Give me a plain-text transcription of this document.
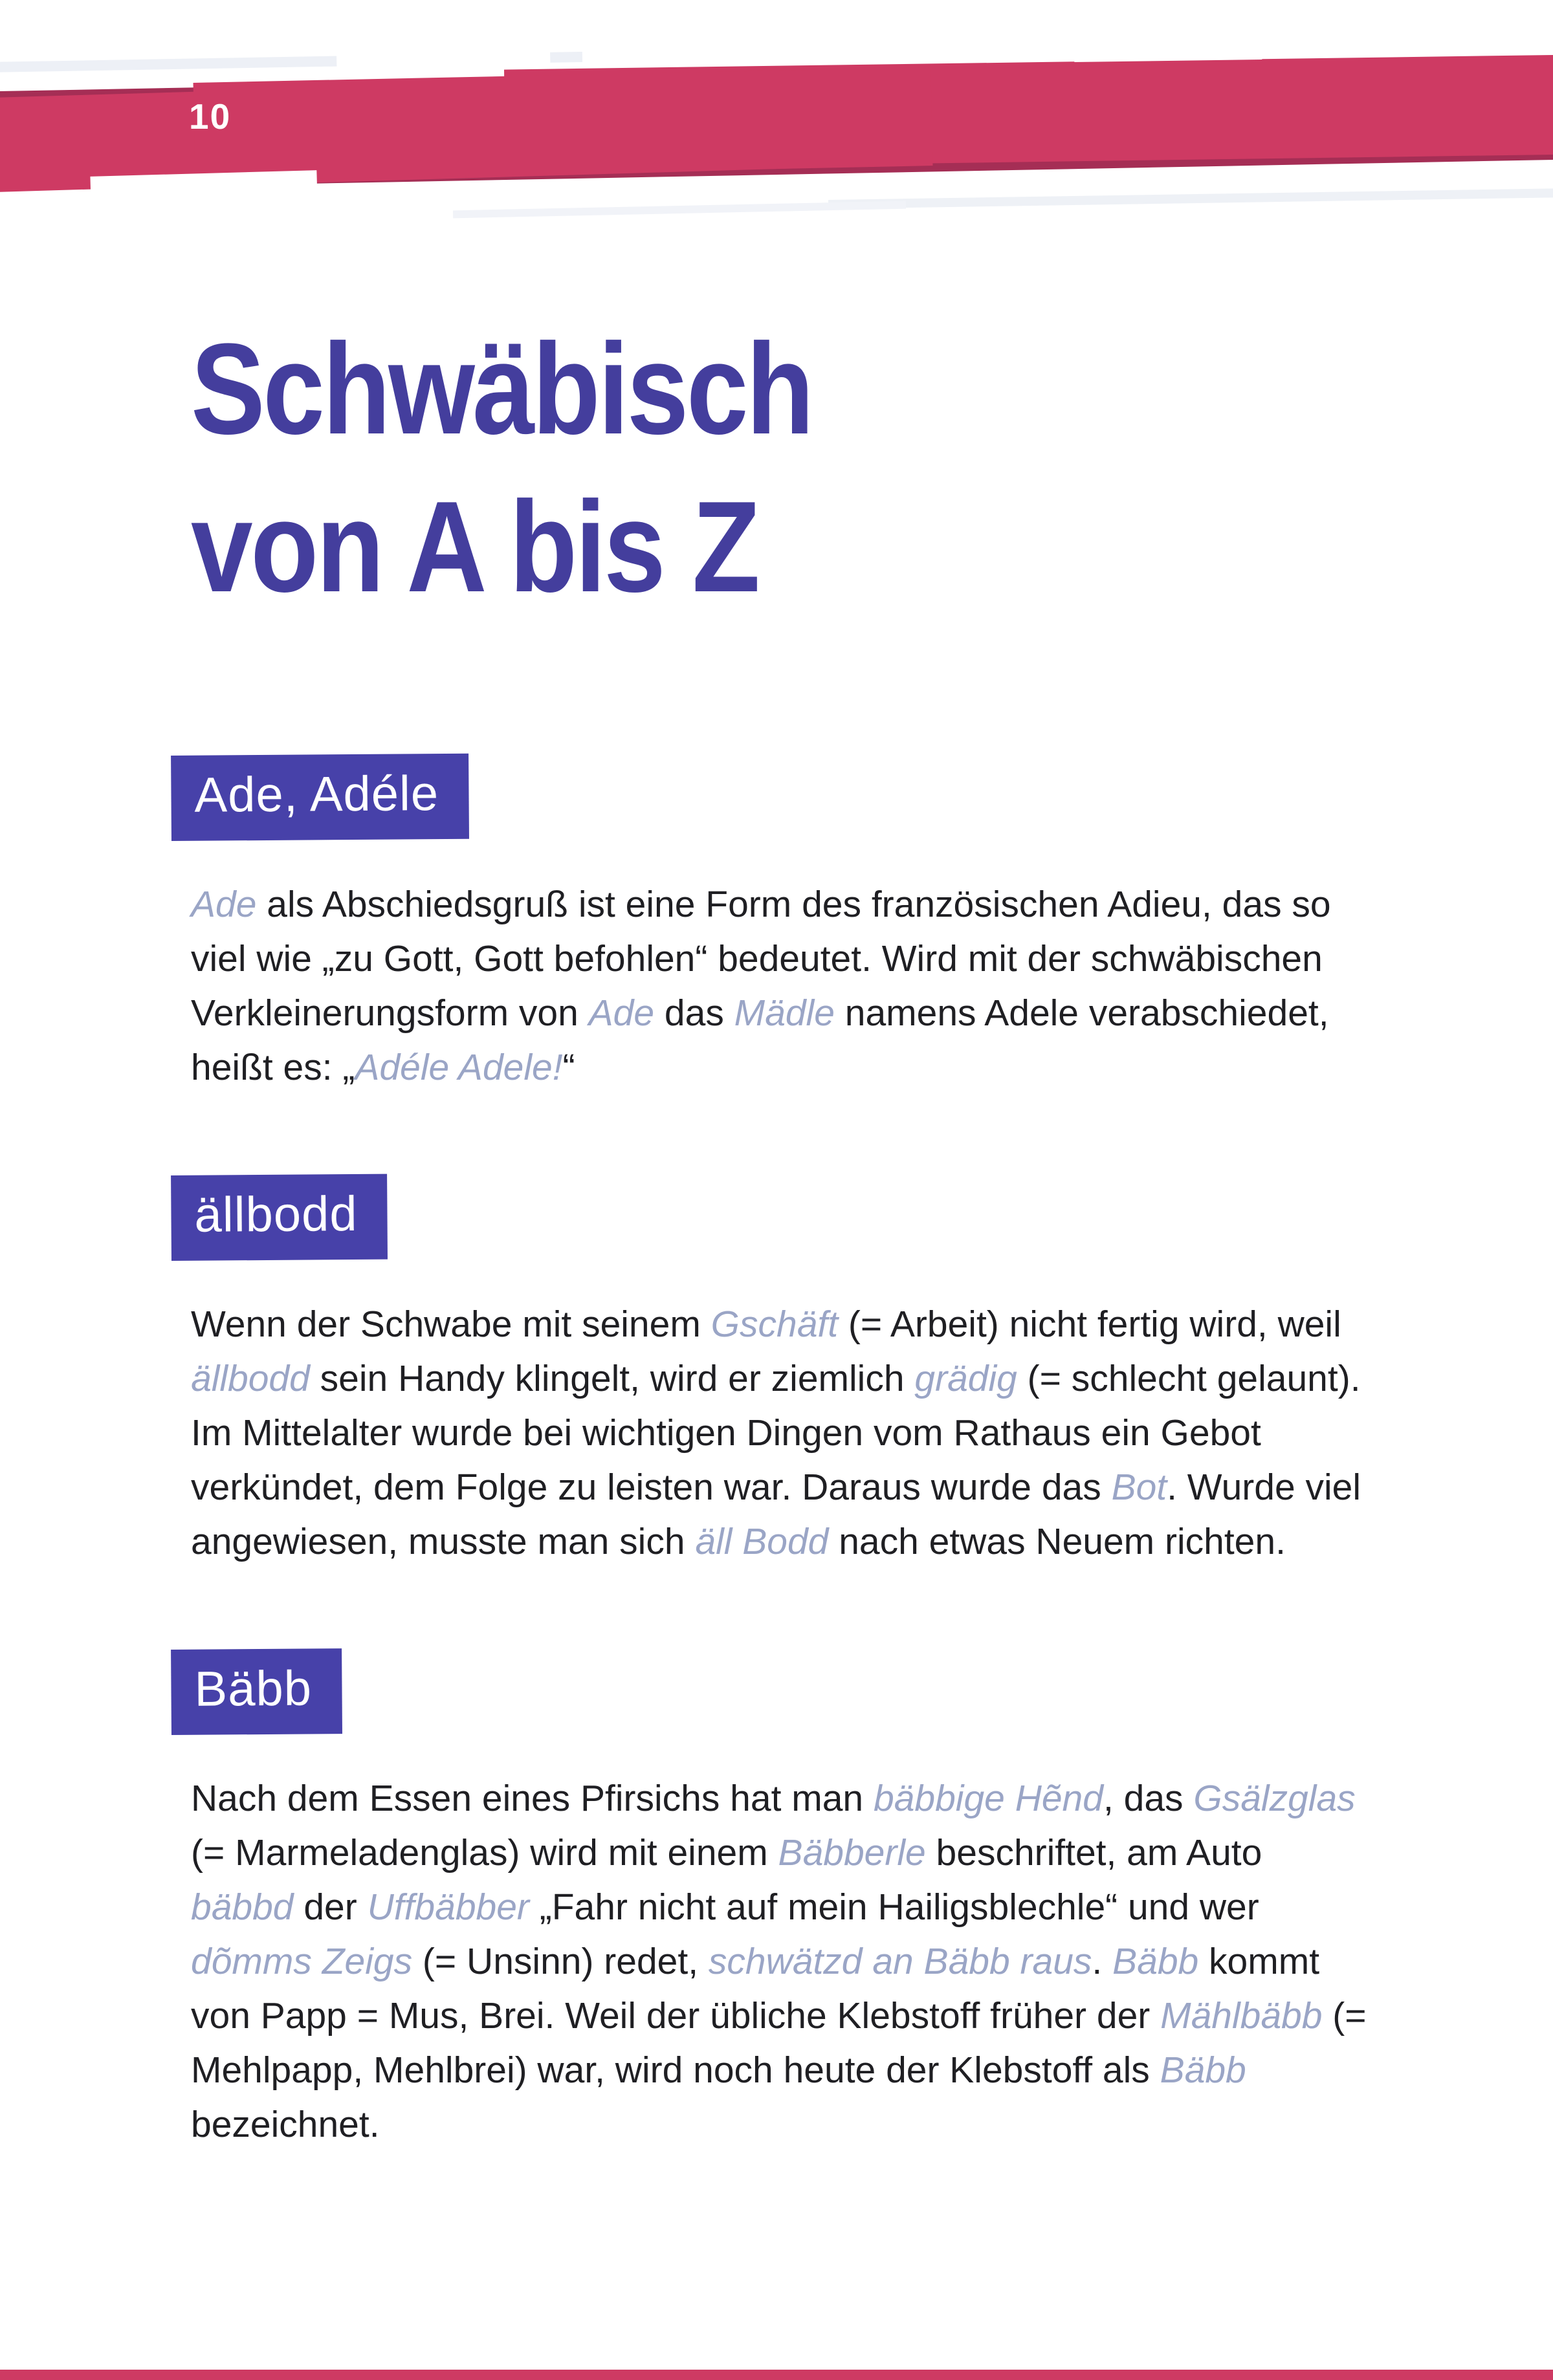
10
Schwäbisch
von A bis Z
Ade, Adéle

Ade als Abschiedsgruß ist eine Form des französischen Adieu, das so viel wie „zu Gott, Gott befohlen“ bedeutet. Wird mit der schwäbischen Verkleinerungsform von Ade das Mädle namens Adele verabschiedet, heißt es: „Adéle Adele!“

ällbodd

Wenn der Schwabe mit seinem Gschäft (= Arbeit) nicht fertig wird, weil ällbodd sein Handy klingelt, wird er ziemlich grädig (= schlecht gelaunt). Im Mittelalter wurde bei wichtigen Dingen vom Rathaus ein Gebot verkündet, dem Folge zu leisten war. Daraus wurde das Bot. Wurde viel angewiesen, musste man sich äll Bodd nach etwas Neuem richten.

Bäbb

Nach dem Essen eines Pfirsichs hat man bäbbige Hẽnd, das Gsälzglas (= Marmeladenglas) wird mit einem Bäbberle beschriftet, am Auto bäbbd der Uffbäbber „Fahr nicht auf mein Hailigsblechle“ und wer dõmms Zeigs (= Unsinn) redet, schwätzd an Bäbb raus. Bäbb kommt von Papp = Mus, Brei. Weil der übliche Klebstoff früher der Mählbäbb (= Mehlpapp, Mehlbrei) war, wird noch heute der Klebstoff als Bäbb bezeichnet.
